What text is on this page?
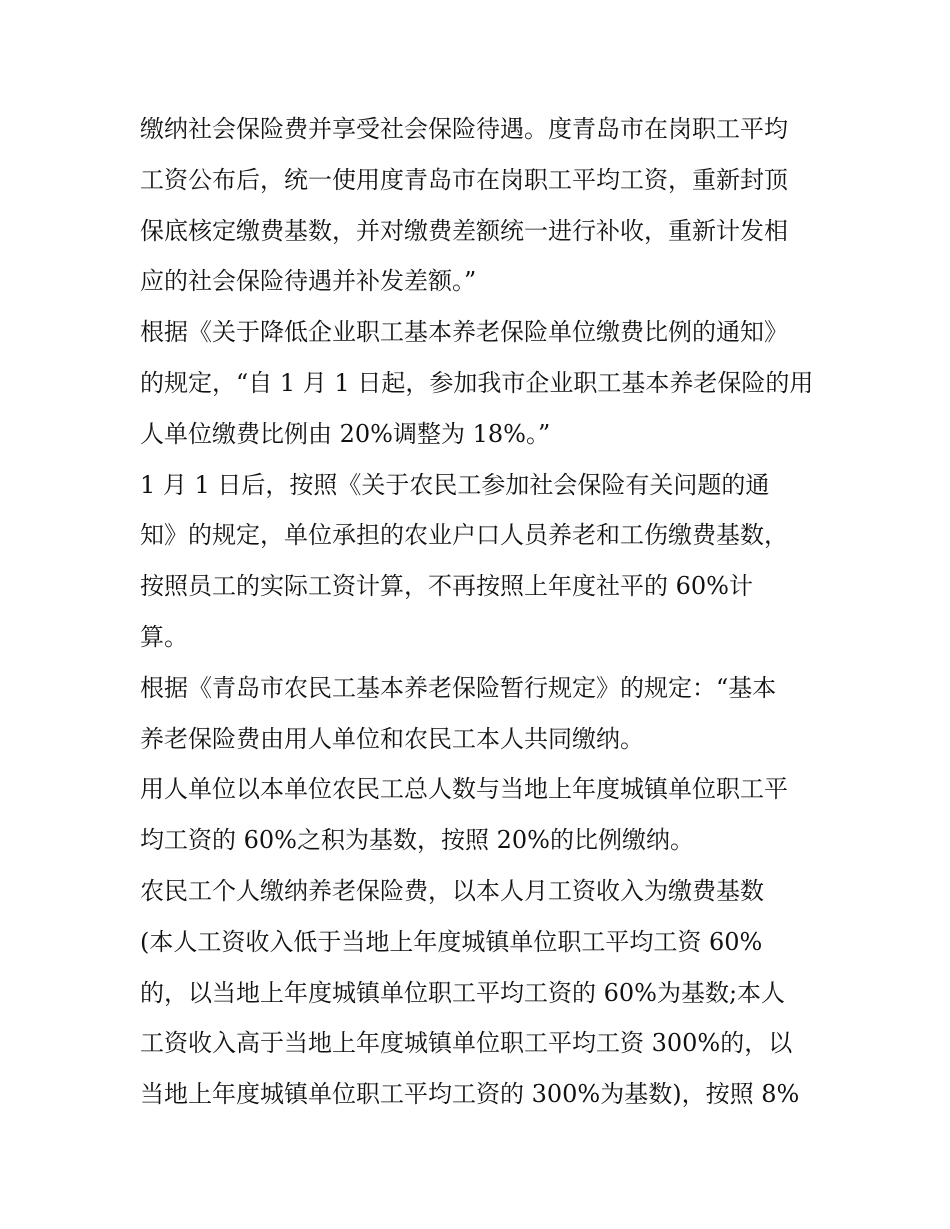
缴纳社会保险费并享受社会保险待遇。度青岛市在岗职工平均
工资公布后，统一使用度青岛市在岗职工平均工资，重新封顶
保底核定缴费基数，并对缴费差额统一进行补收，重新计发相
应的社会保险待遇并补发差额。”
根据《关于降低企业职工基本养老保险单位缴费比例的通知》
的规定，“自 1 月 1 日起，参加我市企业职工基本养老保险的用
人单位缴费比例由 20%调整为 18%。”
1 月 1 日后，按照《关于农民工参加社会保险有关问题的通
知》的规定，单位承担的农业户口人员养老和工伤缴费基数，
按照员工的实际工资计算，不再按照上年度社平的 60%计
算。
根据《青岛市农民工基本养老保险暂行规定》的规定：“基本
养老保险费由用人单位和农民工本人共同缴纳。
用人单位以本单位农民工总人数与当地上年度城镇单位职工平
均工资的 60%之积为基数，按照 20%的比例缴纳。
农民工个人缴纳养老保险费，以本人月工资收入为缴费基数
(本人工资收入低于当地上年度城镇单位职工平均工资 60%
的，以当地上年度城镇单位职工平均工资的 60%为基数;本人
工资收入高于当地上年度城镇单位职工平均工资 300%的，以
当地上年度城镇单位职工平均工资的 300%为基数)，按照 8%
